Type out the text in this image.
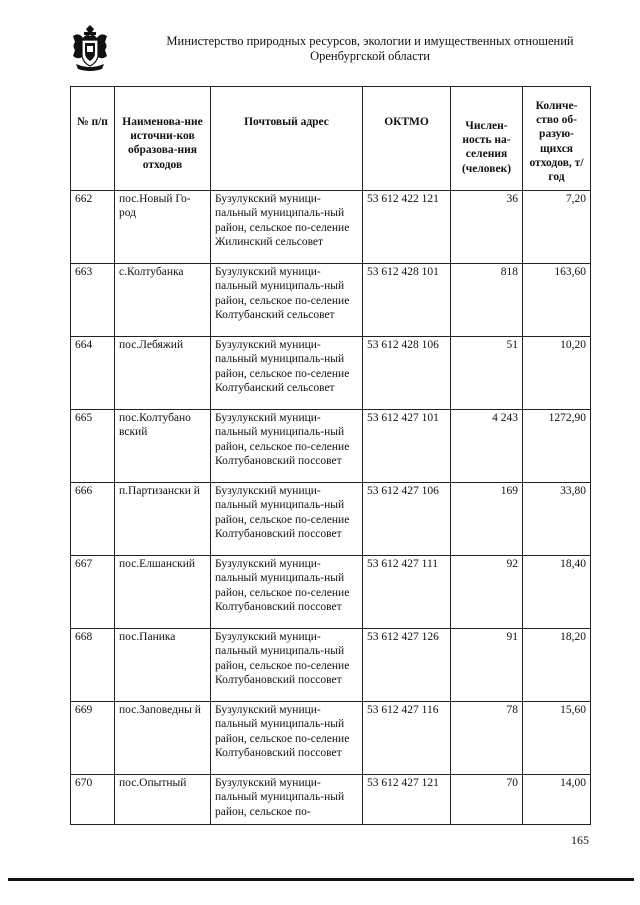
Министерство природных ресурсов, экологии и имущественных отношений
Оренбургской области
№ п/п	Наименова-ние источни-ков образова-ния отходов	Почтовый адрес	ОКТМО	Числен-ность на-селения (человек)	Количе-ство об-разую-щихся отходов, т/год
662	пос.Новый Го-род	Бузулукский муници-пальный муниципаль-ный район, сельское по-селение Жилинский сельсовет	53 612 422 121	36	7,20
663	с.Колтубанка	Бузулукский муници-пальный муниципаль-ный район, сельское по-селение Колтубанский сельсовет	53 612 428 101	818	163,60
664	пос.Лебяжий	Бузулукский муници-пальный муниципаль-ный район, сельское по-селение Колтубанский сельсовет	53 612 428 106	51	10,20
665	пос.Колтубано вский	Бузулукский муници-пальный муниципаль-ный район, сельское по-селение Колтубановский поссовет	53 612 427 101	4 243	1272,90
666	п.Партизански й	Бузулукский муници-пальный муниципаль-ный район, сельское по-селение Колтубановский поссовет	53 612 427 106	169	33,80
667	пос.Елшанский	Бузулукский муници-пальный муниципаль-ный район, сельское по-селение Колтубановский поссовет	53 612 427 111	92	18,40
668	пос.Паника	Бузулукский муници-пальный муниципаль-ный район, сельское по-селение Колтубановский поссовет	53 612 427 126	91	18,20
669	пос.Заповедны й	Бузулукский муници-пальный муниципаль-ный район, сельское по-селение Колтубановский поссовет	53 612 427 116	78	15,60
670	пос.Опытный	Бузулукский муници-пальный муниципаль-ный район, сельское по-	53 612 427 121	70	14,00
165
